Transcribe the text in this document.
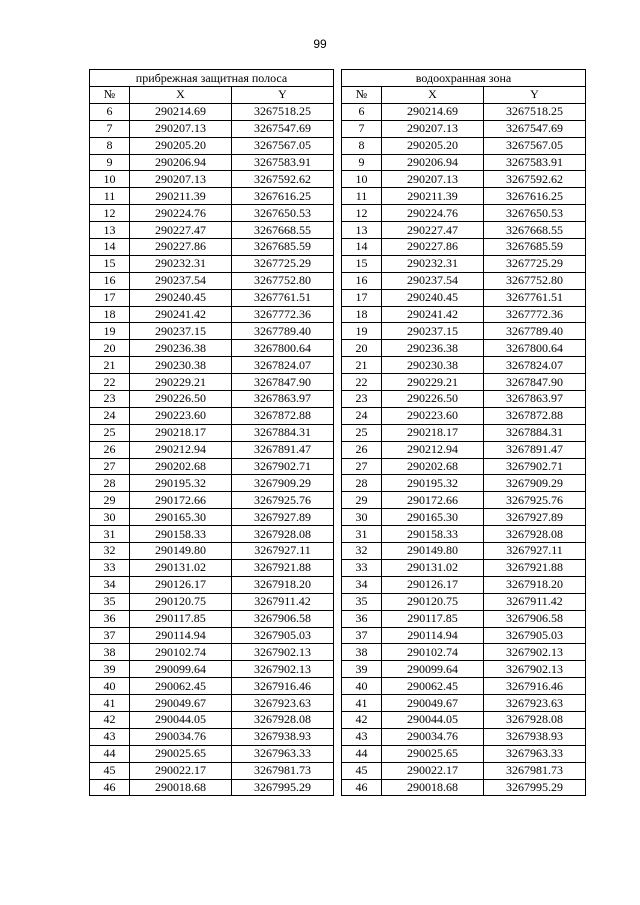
99
прибрежная защитная полоса		
№	X	Y
6	290214.69	3267518.25
7	290207.13	3267547.69
8	290205.20	3267567.05
9	290206.94	3267583.91
10	290207.13	3267592.62
11	290211.39	3267616.25
12	290224.76	3267650.53
13	290227.47	3267668.55
14	290227.86	3267685.59
15	290232.31	3267725.29
16	290237.54	3267752.80
17	290240.45	3267761.51
18	290241.42	3267772.36
19	290237.15	3267789.40
20	290236.38	3267800.64
21	290230.38	3267824.07
22	290229.21	3267847.90
23	290226.50	3267863.97
24	290223.60	3267872.88
25	290218.17	3267884.31
26	290212.94	3267891.47
27	290202.68	3267902.71
28	290195.32	3267909.29
29	290172.66	3267925.76
30	290165.30	3267927.89
31	290158.33	3267928.08
32	290149.80	3267927.11
33	290131.02	3267921.88
34	290126.17	3267918.20
35	290120.75	3267911.42
36	290117.85	3267906.58
37	290114.94	3267905.03
38	290102.74	3267902.13
39	290099.64	3267902.13
40	290062.45	3267916.46
41	290049.67	3267923.63
42	290044.05	3267928.08
43	290034.76	3267938.93
44	290025.65	3267963.33
45	290022.17	3267981.73
46	290018.68	3267995.29
водоохранная зона		
№	X	Y
6	290214.69	3267518.25
7	290207.13	3267547.69
8	290205.20	3267567.05
9	290206.94	3267583.91
10	290207.13	3267592.62
11	290211.39	3267616.25
12	290224.76	3267650.53
13	290227.47	3267668.55
14	290227.86	3267685.59
15	290232.31	3267725.29
16	290237.54	3267752.80
17	290240.45	3267761.51
18	290241.42	3267772.36
19	290237.15	3267789.40
20	290236.38	3267800.64
21	290230.38	3267824.07
22	290229.21	3267847.90
23	290226.50	3267863.97
24	290223.60	3267872.88
25	290218.17	3267884.31
26	290212.94	3267891.47
27	290202.68	3267902.71
28	290195.32	3267909.29
29	290172.66	3267925.76
30	290165.30	3267927.89
31	290158.33	3267928.08
32	290149.80	3267927.11
33	290131.02	3267921.88
34	290126.17	3267918.20
35	290120.75	3267911.42
36	290117.85	3267906.58
37	290114.94	3267905.03
38	290102.74	3267902.13
39	290099.64	3267902.13
40	290062.45	3267916.46
41	290049.67	3267923.63
42	290044.05	3267928.08
43	290034.76	3267938.93
44	290025.65	3267963.33
45	290022.17	3267981.73
46	290018.68	3267995.29
